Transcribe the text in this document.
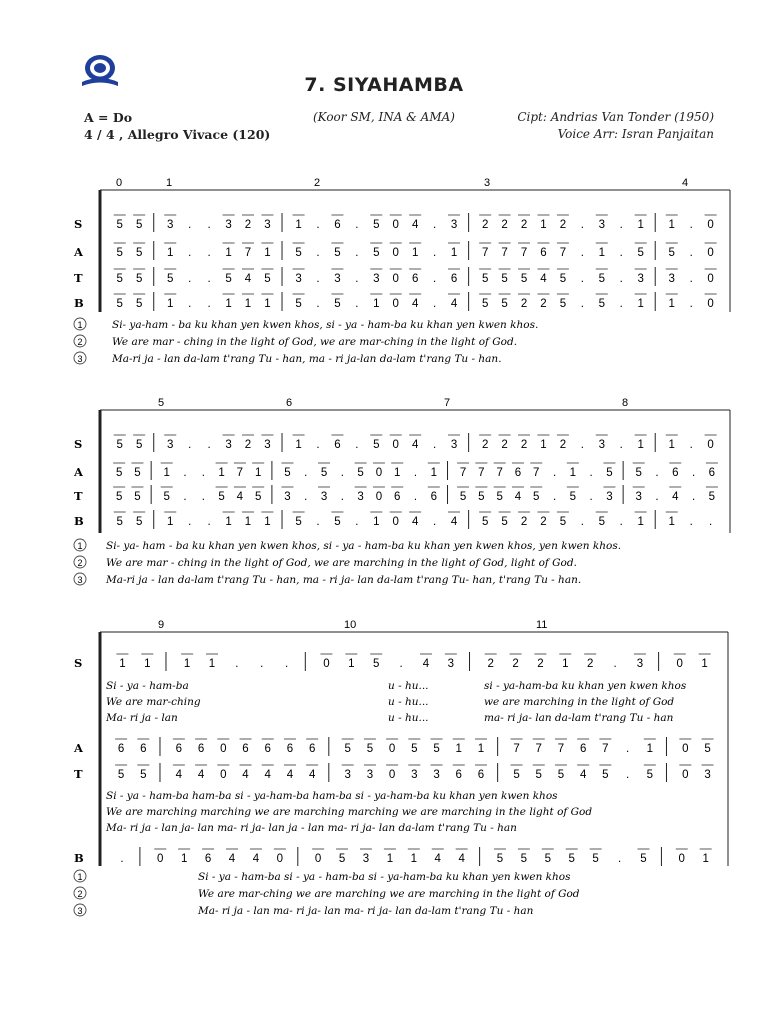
7. SIYAHAMBA
(Koor SM, INA & AMA)
A = Do
4 / 4 , Allegro Vivace (120)
Cipt: Andrias Van Tonder (1950)
Voice Arr: Isran Panjaitan
0	1	2	3	4
S	5 5 3 . . 3 2 3 1 . 6 . 5 0 4 . 3 2 2 2 1 2 . 3 . 1 1 . 0
A	5 5 1 . . 1 7 1 5 . 5 . 5 0 1 . 1 7 7 7 6 7 . 1 . 5 5 . 0
T	5 5 5 . . 5 4 5 3 . 3 . 3 0 6 . 6 5 5 5 4 5 . 5 . 3 3 . 0
B	5 5 1 . . 1 1 1 5 . 5 . 1 0 4 . 4 5 5 2 2 5 . 5 . 1 1 . 0
1	Si- ya-ham - ba ku khan yen kwen khos, si - ya - ham-ba ku khan yen kwen khos.
2	We are mar - ching in the light of God, we are mar-ching in the light of God.
3	Ma-ri ja - lan da-lam t'rang Tu - han, ma - ri ja-lan da-lam t'rang Tu - han.
5	6	7	8
S	5 5 3 . . 3 2 3 1 . 6 . 5 0 4 . 3 2 2 2 1 2 . 3 . 1 1 . 0
A	5 5 1 . . 1 7 1 5 . 5 . 5 0 1 . 1 7 7 7 6 7 . 1 . 5 5 . 6 . 6
T	5 5 5 . . 5 4 5 3 . 3 . 3 0 6 . 6 5 5 5 4 5 . 5 . 3 3 . 4 . 5
B	5 5 1 . . 1 1 1 5 . 5 . 1 0 4 . 4 5 5 2 2 5 . 5 . 1 1 . .
1 Si- ya- ham - ba ku khan yen kwen khos, si - ya - ham-ba ku khan yen kwen khos, yen kwen khos.
2 We are mar - ching in the light of God, we are marching in the light of God, light of God.
3 Ma-ri ja - lan da-lam t'rang Tu - han, ma - ri ja- lan da-lam t'rang Tu- han, t'rang Tu - han.
9	10	11
S	1 1	1 1 . . .	0 1 5 . 4 3	2 2 2 1 2 . 3	0 1
Si - ya - ham-ba	u - hu...	si - ya-ham-ba ku khan yen kwen khos
We are mar-ching	u - hu...	we are marching in the light of God
Ma- ri ja - lan	u - hu...	ma- ri ja- lan da-lam t'rang Tu - han
A	6 6	6 6 0 6 6 6 6	5 5 0 5 5 1 1	7 7 7 6 7 . 1	0 5
T	5 5	4 4 0 4 4 4 4	3 3 0 3 3 6 6	5 5 5 4 5 . 5	0 3
Si - ya - ham-ba ham-ba si - ya-ham-ba ham-ba si - ya-ham-ba ku khan yen kwen khos
We are marching marching we are marching marching we are marching in the light of God
Ma- ri ja - lan ja- lan ma- ri ja- lan ja - lan ma- ri ja- lan da-lam t'rang Tu - han
B	.	0 1 6 4 4 0	0 5 3 1 1 4 4	5 5 5 5 5 . 5	0 1
1	Si - ya - ham-ba si - ya - ham-ba si - ya-ham-ba ku khan yen kwen khos
2	We are mar-ching we are marching we are marching in the light of God
3	Ma- ri ja - lan ma- ri ja- lan ma- ri ja- lan da-lam t'rang Tu - han
